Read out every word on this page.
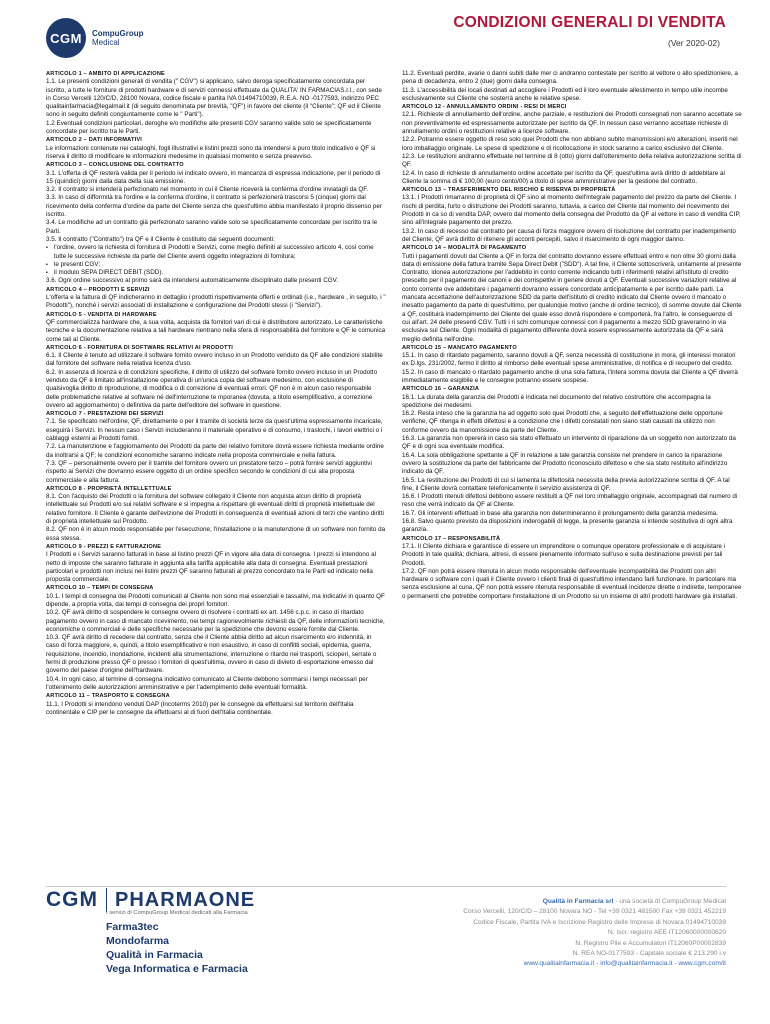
CGM	CompuGroup
Medical
CONDIZIONI GENERALI DI VENDITA
(Ver 2020-02)

ARTICOLO 1 – AMBITO DI APPLICAZIONE

1.1. Le presenti condizioni generali di vendita (" CGV") si applicano, salvo deroga specificatamente concordata per iscritto, a tutte le forniture di prodotti hardware e di servizi connessi effettuate da QUALITA' IN FARMACIAS.r.l., con sede in Corso Vercelli 120/C/D, 28100 Novara, codice fiscale e partita IVA 01494710039, R.E.A. NO -0177593, indirizzo PEC qualitainfarmacia@legalmail.it (di seguito denominata per brevità, "QF") in favore del cliente (il "Cliente"; QF ed il Cliente sono in seguito definiti congiuntamente come le " Parti").

1.2 Eventuali condizioni particolari, deroghe e/o modifiche alle presenti CGV saranno valide solo se specificatamente concordate per iscritto tra le Parti.

ARTICOLO 2 – DATI INFORMATIVI

Le informazioni contenute nei cataloghi, fogli illustrativi e listini prezzi sono da intendersi a puro titolo indicativo e QF si riserva il diritto di modificare le informazioni medesime in qualsiasi momento e senza preavviso.

ARTICOLO 3 – CONCLUSIONE DEL CONTRATTO

3.1. L'offerta di QF resterà valida per il periodo ivi indicato ovvero, in mancanza di espressa indicazione, per il periodo di 15 (quindici) giorni dalla data della sua emissione.

3.2. Il contratto si intenderà perfezionato nel momento in cui il Cliente riceverà la conferma d'ordine inviatagli da QF.

3.3. In caso di difformità tra l'ordine e la conferma d'ordine, il contratto si perfezionerà trascorsi 5 (cinque) giorni dal ricevimento della conferma d'ordine da parte del Cliente senza che quest'ultimo abbia manifestato il proprio dissenso per iscritto.

3.4. Le modifiche ad un contratto già perfezionato saranno valide solo se specificatamente concordate per iscritto tra le Parti.

3.5. Il contratto ("Contratto") tra QF e il Cliente è costituito dai seguenti documenti:

▪ l'ordine, ovvero la richiesta di fornitura di Prodotti e Servizi, come meglio definiti al successivo articolo 4, così come tutte le successive richieste da parte del Cliente aventi oggetto integrazioni di fornitura;

▪ le presenti CGV;

▪ il modulo SEPA DIRECT DEBIT (SDD).

3.6. Ogni ordine successivo al primo sarà da intendersi automaticamente disciplinato dalle presenti CGV.

ARTICOLO 4 – PRODOTTI E SERVIZI

L'offerta e la fattura di QF indicheranno in dettaglio i prodotti rispettivamente offerti e ordinati (i.e., hardware , in seguito, i " Prodotti"), nonché i servizi associati di installazione e configurazione dei Prodotti stessi (i "Servizi").

ARTICOLO 5 - VENDITA DI HARDWARE

QF commercializza hardware che, a sua volta, acquista da fornitori vari di cui è distributore autorizzato. Le caratteristiche tecniche e la documentazione relativa a tali hardware rientrano nella sfera di responsabilità del fornitore e QF le comunica come tali al Cliente.

ARTICOLO 6 - FORNITURA DI SOFTWARE RELATIVI AI PRODOTTI

6.1. Il Cliente è tenuto ad utilizzare il software fornito ovvero incluso in un Prodotto venduto da QF alle condizioni stabilite dal fornitore del software nella relativa licenza d'uso.

6.2. In assenza di licenza e di condizioni specifiche, il diritto di utilizzo del software fornito ovvero incluso in un Prodotto venduto da QF è limitato all'installazione operativa di un'unica copia del software medesimo, con esclusione di qualsivoglia diritto di riproduzione, di modifica o di correzione di eventuali errori. QF non è in alcun caso responsabile delle problematiche relative al software né dell'interruzione te mporanea (dovuta, a titolo esemplificativo, a correzione ovvero ad aggiornamento) o definitiva da parte dell'editore del software in questione.

ARTICOLO 7 - PRESTAZIONI DEI SERVIZI

7.1. Se specificato nell'ordine, QF, direttamente o per il tramite di società terze da quest'ultima espressamente incaricate, eseguirà i Servizi. In nessun caso i Servizi includeranno il materiale operativo e di consumo, i traslochi, i lavori elettrici o i cablaggi esterni ai Prodotti forniti.

7.2. La manutenzione e l'aggiornamento dei Prodotti da parte del relativo fornitore dovrà essere richiesta mediante ordine da inoltrarsi a QF; le condizioni economiche saranno indicate nella proposta commerciale e nella fattura.

7.3. QF – personalmente ovvero per il tramite del fornitore ovvero un prestatore terzo – potrà fornire servizi aggiuntivi rispetto ai Servizi che dovranno essere oggetto di un ordine specifico secondo le condizioni di cui alla proposta commerciale e alla fattura.

ARTICOLO 8 - PROPRIETÀ INTELLETTUALE

8.1. Con l'acquisto dei Prodotti o la fornitura del software collegato il Cliente non acquista alcun diritto di proprietà intellettuale sui Prodotti e/o sui relativi software e si impegna a rispettare gli eventuali diritti di proprietà intellettuale del relativo fornitore. Il Cliente è garante dell'evizione dei Prodotti in conseguenza di eventuali azioni di terzi che vantino diritti di proprietà intellettuale sul Prodotto.

8.2. QF non è in alcun modo responsabile per l'esecuzione, l'installazione o la manutenzione di un software non fornito da essa stessa.

ARTICOLO 9 - PREZZI E FATTURAZIONE

I Prodotti e i Servizi saranno fatturati in base al listino prezzi QF in vigore alla data di consegna. I prezzi si intendono al netto di imposte che saranno fatturate in aggiunta alla tariffa applicabile alla data di consegna. Eventuali prestazioni particolari e prodotti non inclusi nei listini prezzi QF saranno fatturati al prezzo concordato tra le Parti ed indicato nella proposta commerciale.

ARTICOLO 10 – TEMPI DI CONSEGNA

10.1. I tempi di consegna dei Prodotti comunicati al Cliente non sono mai essenziali e tassativi, ma indicativi in quanto QF dipende, a propria volta, dai tempi di consegna dei propri fornitori.

10.2. QF avrà diritto di sospendere le consegne ovvero di risolvere i contratti ex art. 1456 c.p.c. in caso di ritardato pagamento ovvero in caso di mancato ricevimento, nei tempi ragionevolmente richiesti da QF, delle informazioni tecniche, economiche o commerciali e delle specifiche necessarie per la spedizione che devono essere fornite dal Cliente.

10.3. QF avrà diritto di recedere dal contratto, senza che il Cliente abbia diritto ad alcun risarcimento e/o indennità, in caso di forza maggiore, e, quindi, a titolo esemplificativo e non esaustivo, in caso di conflitti sociali, epidemia, guerra, requisizione, incendio, inondazione, incidenti alla strumentazione, interruzione o ritardo nei trasporti, scioperi, serrate o fermi di produzione presso QF o presso i fornitori di quest'ultima, ovvero in caso di divieto di esportazione emesso dal governo del paese d'origine dell'hardware.

10.4. In ogni caso, al termine di consegna indicativo comunicato al Cliente debbono sommarsi i tempi necessari per l'ottenimento delle autorizzazioni amministrative e per l'adempimento delle eventuali formalità.

ARTICOLO 11 – TRASPORTO E CONSEGNA

11.1. I Prodotti si intendono venduti DAP (Incoterms 2010) per le consegne da effettuarsi sul territorio dell'Italia continentale e CIP per le consegne da effettuarsi al di fuori dell'Italia continentale.

11.2. Eventuali perdite, avarie o danni subiti dalle mer ci andranno contestate per iscritto al vettore o allo spedizioniere, a pena di decadenza, entro 2 (due) giorni dalla consegna.

11.3. L'accessibilità dei locali destinati ad accogliere i Prodotti ed il loro eventuale allestimento in tempo utile incombe esclusivamente sul Cliente che sosterrà anche le relative spese.

ARTICOLO 12 - ANNULLAMENTO ORDINI - RESI DI MERCI

12.1. Richieste di annullamento dell'ordine, anche parziale, e restituzioni dei Prodotti consegnati non saranno accettate se non preventivamente ed espressamente autorizzate per iscritto da QF. In nessun caso verranno accettate richieste di annullamento ordini o restituzioni relative a licenze software.

12.2. Potranno essere oggetto di reso solo quei Prodotti che non abbiano subito manomissioni e/o alterazioni, inseriti nel loro imballaggio originale. Le spese di spedizione e di ricollocazione in stock saranno a carico esclusivo del Cliente.

12.3. Le restituzioni andranno effettuate nel termine di 8 (otto) giorni dall'ottenimento della relativa autorizzazione scritta di QF.

12.4. In caso di richieste di annullamento ordine accettate per iscritto da QF, quest'ultima avrà diritto di addebitare al Cliente la somma di € 100,00 (euro cento/00) a titolo di spese amministrative per la gestione del contratto.

ARTICOLO 13 – TRASFERIMENTO DEL RISCHIO E RISERVA DI PROPRIETÀ

13.1. I Prodotti rimarranno di proprietà di QF sino al momento dell'integrale pagamento del prezzo da parte del Cliente. I rischi di perdita, furto o distruzione dei Prodotti saranno, tuttavia, a carico del Cliente dal momento del ricevimento dei Prodotti in ca so di vendita DAP, ovvero dal momento della consegna del Prodotto da QF al vettore in caso di vendita CIP, sino all'integrale pagamento del prezzo.

13.2. In caso di recesso dal contratto per causa di forza maggiore ovvero di risoluzione del contratto per inadempimento del Cliente, QF avrà diritto di ritenere gli acconti percepiti, salvo il risarcimento di ogni maggior danno.

ARTICOLO 14 – MODALITÀ DI PAGAMENTO

Tutti i pagamenti dovuti dal Cliente a QF in forza del contratto dovranno essere effettuati entro e non oltre 30 giorni dalla data di emissione della fattura tramite Sepa Direct Debit ("SDD"). A tal fine, il Cliente sottoscriverà, unitamente al presente Contratto, idonea autorizzazione per l'addebito in conto corrente indicando tutti i riferimenti relativi all'istituto di credito prescelto per il pagamento dei canoni e dei corrispettivi in genere dovuti a QF. Eventuali successive variazioni relative al conto corrente ove addebitare i pagamenti dovranno essere concordate anticipatamente e per iscritto dalle parti. La mancata accettazione dell'autorizzazione SDD da parte dell'istituto di credito indicato dal Cliente ovvero il mancato o inesatto pagamento da parte di quest'ultimo, per qualunque motivo (anche di ordine tecnico), di somme dovute dal Cliente a QF, costituirà inadempimento del Cliente del quale esso dovrà rispondere e comporterà, fra l'altro, le conseguenze di cui all'art. 24 delle presenti CGV. Tutti i ri schi comunque connessi con il pagamento a mezzo SDD graveranno in via esclusiva sul Cliente. Ogni modalità di pagamento differente dovrà essere espressamente autorizzata da QF e sarà meglio definita nell'ordine.

ARTICOLO 15 – MANCATO PAGAMENTO

15.1. In caso di ritardato pagamento, saranno dovuti a QF, senza necessità di costituzione in mora, gli interessi moratori ex D.lgs. 231/2002, fermo il diritto al rimborso delle eventuali spese amministrative, di notifica e di recupero del credito.

15.2. In caso di mancato o ritardato pagamento anche di una sola fattura, l'intera somma dovuta dal Cliente a QF diverrà immediatamente esigibile e le consegne potranno essere sospese.

ARTICOLO 16 – GARANZIA

16.1. La durata della garanzia dei Prodotti è indicata nel documento del relativo costruttore che accompagna la spedizione dei medesimi.

16.2. Resta inteso che la garanzia ha ad oggetto solo quei Prodotti che, a seguito dell'effettuazione delle opportune verifiche, QF ritenga in effetti difettosi e a condizione che i difetti constatati non siano stati causati da utilizzo non conforme ovvero da manomissione da parte del Cliente.

16.3. La garanzia non opererà in caso sia stato effettuato un intervento di riparazione da un soggetto non autorizzato da QF e di ogni sua eventuale modifica.

16.4. La sola obbligazione spettante a QF in relazione a tale garanzia consiste nel prendere in carico la riparazione ovvero la sostituzione da parte del fabbricante del Prodotto riconosciuto difettoso e che sia stato restituito all'indirizzo indicato da QF.

16.5. La restituzione dei Prodotti di cui si lamenta la difettosità necessita della previa autorizzazione scritta di QF. A tal fine, il Cliente dovrà contattare telefonicamente il servizio assistenza di QF.

16.6. I Prodotti ritenuti difettosi debbono essere restituiti a QF nel loro imballaggio originale, accompagnati dal numero di reso che verrà indicato da QF al Cliente.

16.7. Gli interventi effettuati in base alla garanzia non determineranno il prolungamento della garanzia medesima.

16.8. Salvo quanto previsto da disposizioni inderogabili di legge, la presente garanzia si intende sostitutiva di ogni altra garanzia.

ARTICOLO 17 – RESPONSABILITÀ

17.1. Il Cliente dichiara e garantisce di essere un imprenditore o comunque operatore professionale e di acquistare i Prodotti in tale qualità; dichiara, altresì, di essere pienamente informato sull'uso e sulla destinazione previsti per tali Prodotti.

17.2. QF non potrà essere ritenuta in alcun modo responsabile dell'eventuale incompatibilità dei Prodotti con altri hardware o software con i quali il Cliente ovvero i clienti finali di quest'ultimo intendano farli funzionare. In particolare ma senza esclusione al cuna, QF non potrà essere ritenuta responsabile di eventuali incidenze dirette o indirette, temporanee o permanenti che potrebbe comportare l'installazione di un Prodotto su un insieme di altri prodotti hardware già installati.

CGM PHARMAONE
I servizi di CompuGroup Medical dedicati alla Farmacia
Farma3tec
Mondofarma
Qualità in Farmacia
Vega Informatica e Farmacia
Qualità in Farmacia srl - una società di CompuGroup Medical
Corso Vercelli, 120/C/D – 28100 Novara NO - Tel +39 0321 481500 Fax +39 0321 452219
Codice Fiscale, Partita IVA e Iscrizione Registro delle Imprese di Novara 01494710039
N. Iscr. registro AEE IT12060000000620
N. Registro Pile e Accumulatori IT12060P00002839
N. REA NO-0177593 - Capitale sociale € 213.290 i.v
www.qualitainfarmacia.it - info@qualitainfarmacia.it - www.cgm.com/it
